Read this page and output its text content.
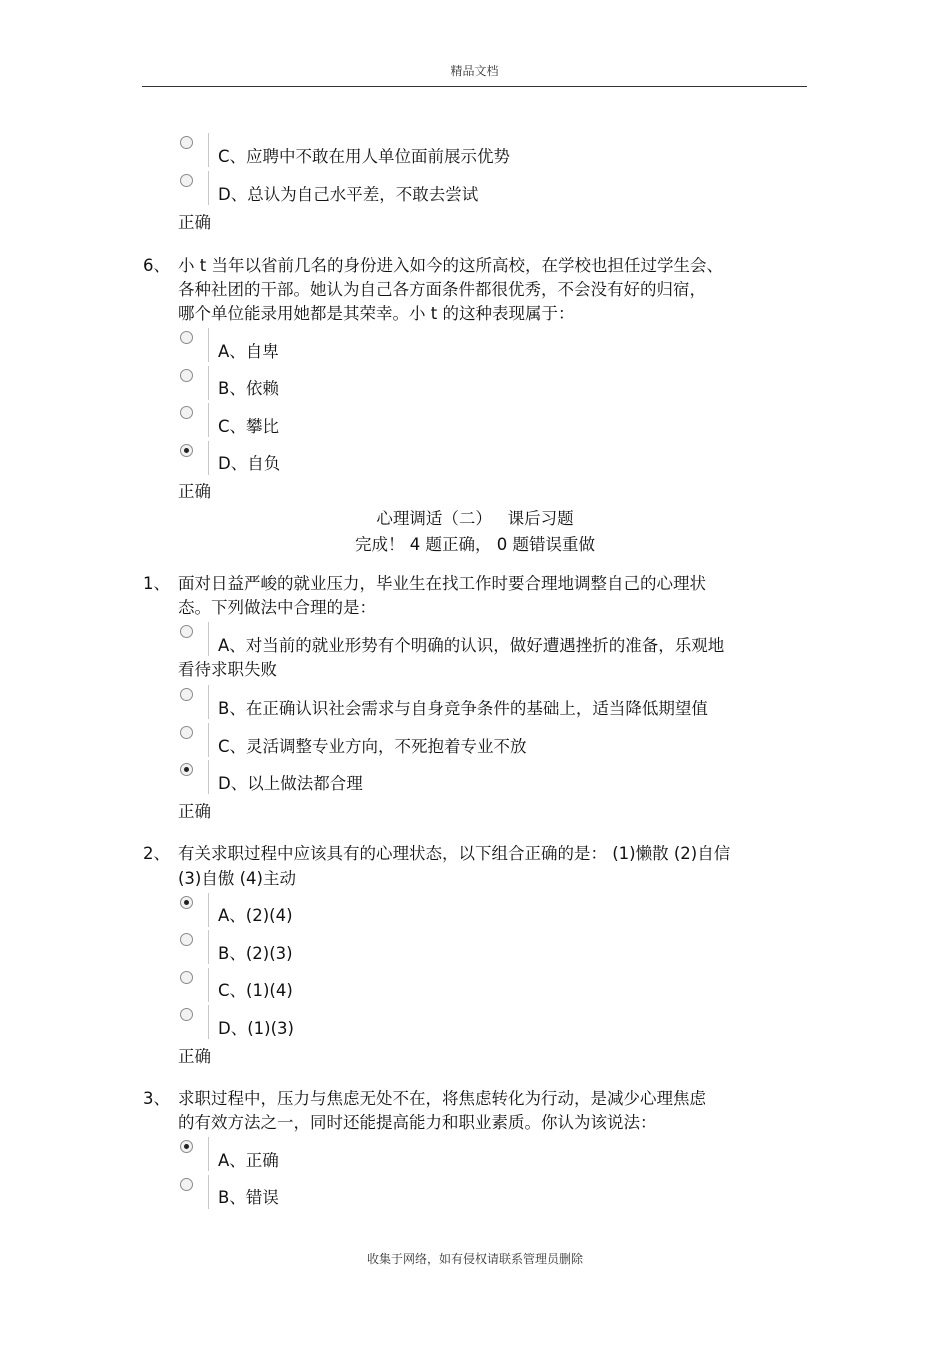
精品文档
C、应聘中不敢在用人单位面前展示优势
D、总认为自己水平差，不敢去尝试
正确
6、 小 t 当年以省前几名的身份进入如今的这所高校，在学校也担任过学生会、
各种社团的干部。她认为自己各方面条件都很优秀，不会没有好的归宿，
哪个单位能录用她都是其荣幸。小 t 的这种表现属于：
A、自卑
B、依赖
C、攀比
D、自负
正确
心理调适（二）   课后习题
完成！ 4 题正确， 0 题错误重做
1、 面对日益严峻的就业压力，毕业生在找工作时要合理地调整自己的心理状
态。下列做法中合理的是：
A、对当前的就业形势有个明确的认识，做好遭遇挫折的准备，乐观地
看待求职失败
B、在正确认识社会需求与自身竞争条件的基础上，适当降低期望值
C、灵活调整专业方向，不死抱着专业不放
D、以上做法都合理
正确
2、 有关求职过程中应该具有的心理状态，以下组合正确的是： (1)懒散 (2)自信
(3)自傲 (4)主动
A、(2)(4)
B、(2)(3)
C、(1)(4)
D、(1)(3)
正确
3、 求职过程中，压力与焦虑无处不在，将焦虑转化为行动，是减少心理焦虑
的有效方法之一，同时还能提高能力和职业素质。你认为该说法：
A、正确
B、错误
收集于网络，如有侵权请联系管理员删除
